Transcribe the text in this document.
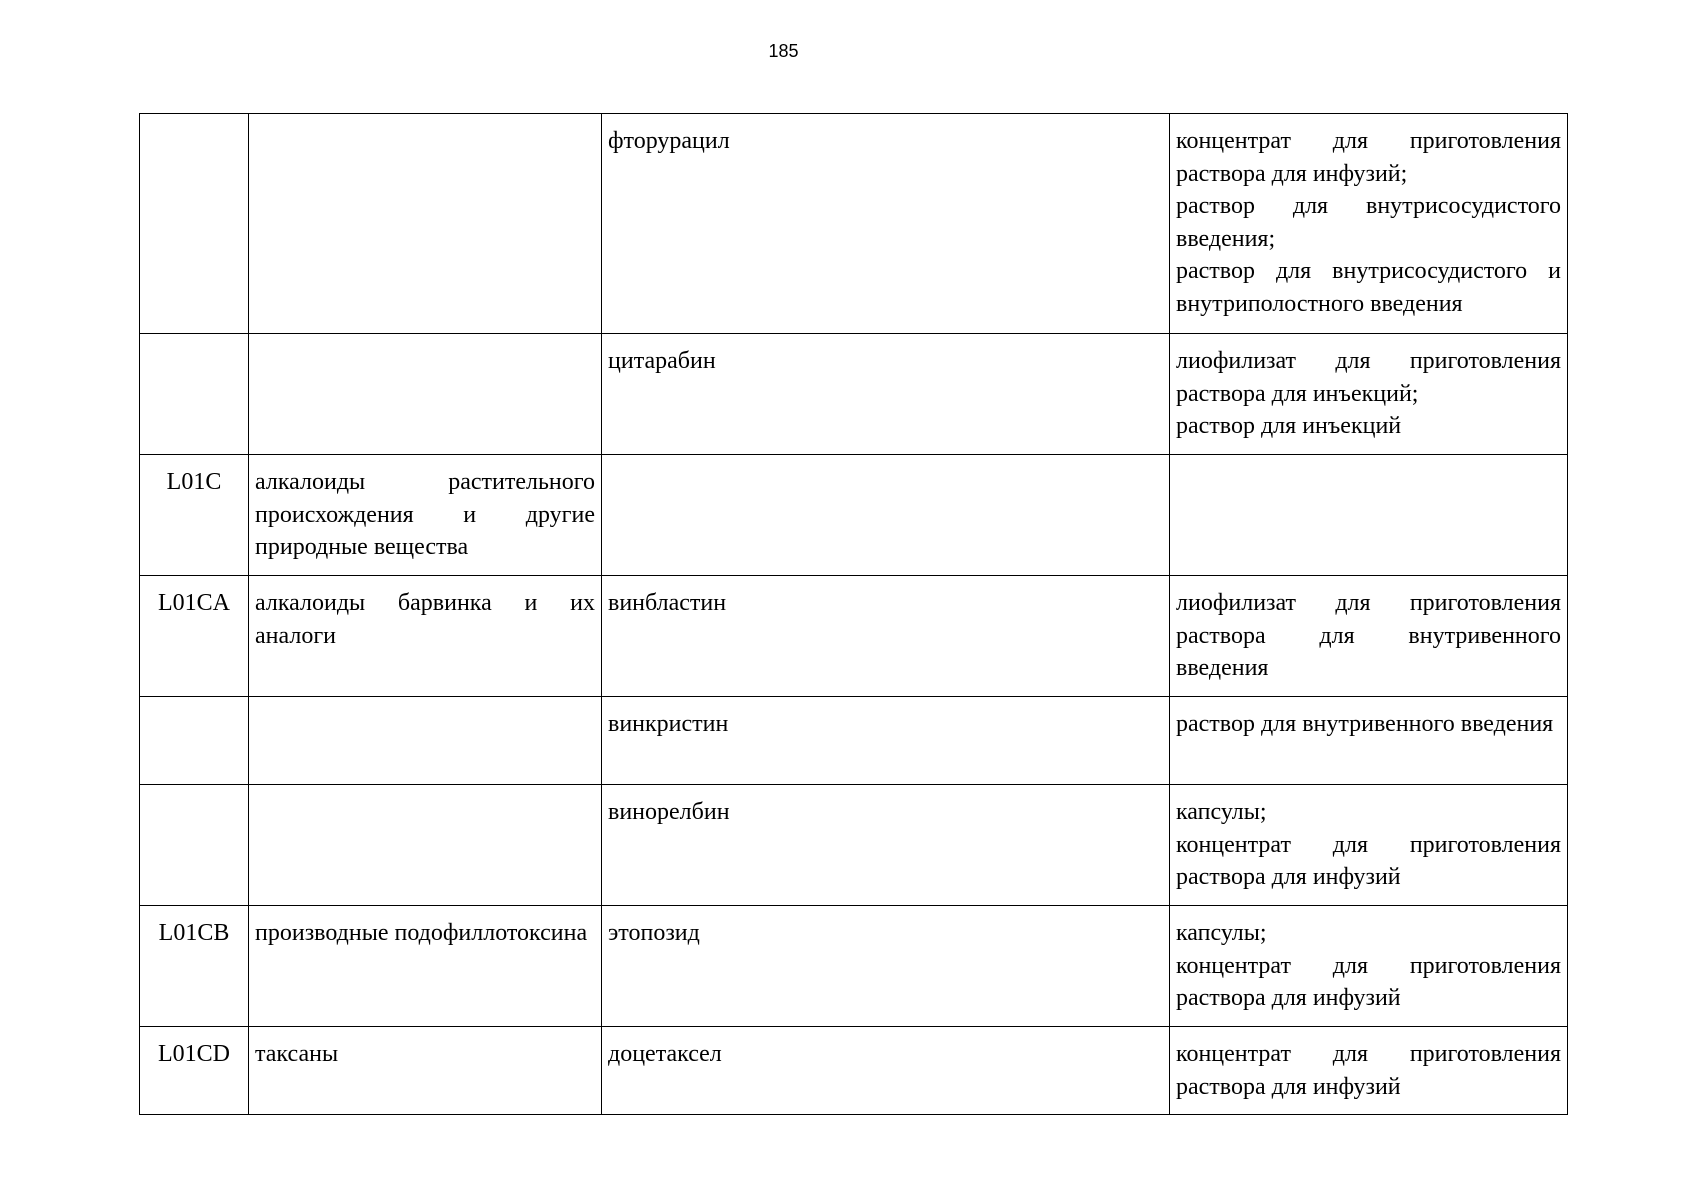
185
		фторурацил	концентрат для приготовления раствора для инфузий;
раствор для внутрисосудистого введения;
раствор для внутрисосудистого и внутриполостного введения

		цитарабин	лиофилизат для приготовления раствора для инъекций;
раствор для инъекций

L01C	алкалоиды растительного происхождения и другие природные вещества		
L01CA	алкалоиды барвинка и их аналоги	винбластин	лиофилизат для приготовления раствора для внутривенного введения

		винкристин	раствор для внутривенного введения

		винорелбин	капсулы;
концентрат для приготовления раствора для инфузий

L01CB	производные подофиллотоксина	этопозид	капсулы;
концентрат для приготовления раствора для инфузий

L01CD	таксаны	доцетаксел	концентрат для приготовления раствора для инфузий
